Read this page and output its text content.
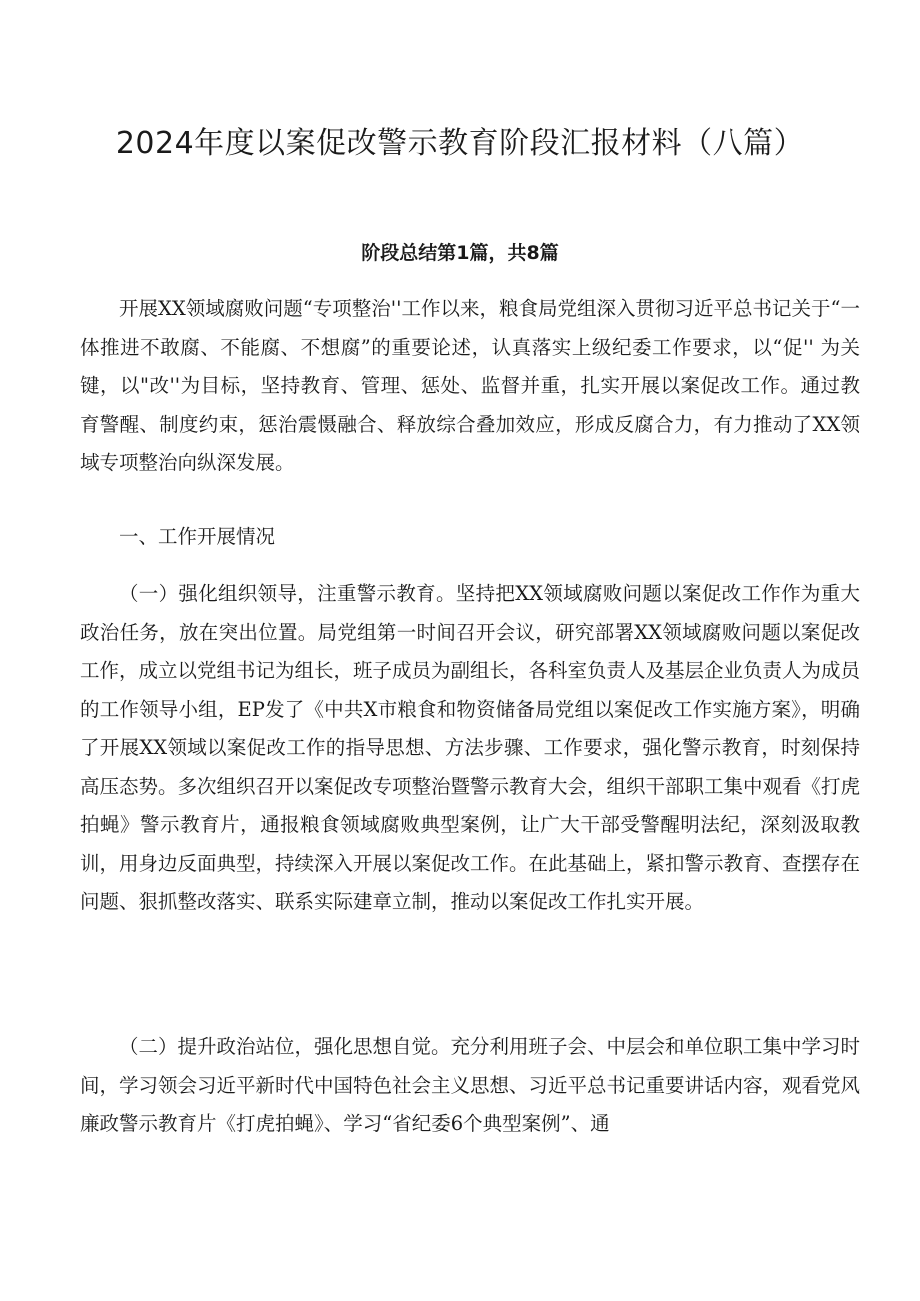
2024年度以案促改警示教育阶段汇报材料（八篇）
阶段总结第1篇，共8篇

开展XX领域腐败问题“专项整治''工作以来，粮食局党组深入贯彻习近平总书记关于“一体推进不敢腐、不能腐、不想腐”的重要论述，认真落实上级纪委工作要求，以“促'' 为关键，以"改''为目标，坚持教育、管理、惩处、监督并重，扎实开展以案促改工作。通过教育警醒、制度约束，惩治震慑融合、释放综合叠加效应，形成反腐合力，有力推动了XX领域专项整治向纵深发展。

一、工作开展情况

（一）强化组织领导，注重警示教育。坚持把XX领域腐败问题以案促改工作作为重大政治任务，放在突出位置。局党组第一时间召开会议，研究部署XX领域腐败问题以案促改工作，成立以党组书记为组长，班子成员为副组长，各科室负责人及基层企业负责人为成员的工作领导小组，EP发了《中共X市粮食和物资储备局党组以案促改工作实施方案》，明确了开展XX领域以案促改工作的指导思想、方法步骤、工作要求，强化警示教育，时刻保持高压态势。多次组织召开以案促改专项整治暨警示教育大会，组织干部职工集中观看《打虎拍蝇》警示教育片，通报粮食领域腐败典型案例，让广大干部受警醒明法纪，深刻汲取教训，用身边反面典型，持续深入开展以案促改工作。在此基础上，紧扣警示教育、查摆存在问题、狠抓整改落实、联系实际建章立制，推动以案促改工作扎实开展。

（二）提升政治站位，强化思想自觉。充分利用班子会、中层会和单位职工集中学习时间，学习领会习近平新时代中国特色社会主义思想、习近平总书记重要讲话内容，观看党风廉政警示教育片《打虎拍蝇》、学习“省纪委6个典型案例”、通
